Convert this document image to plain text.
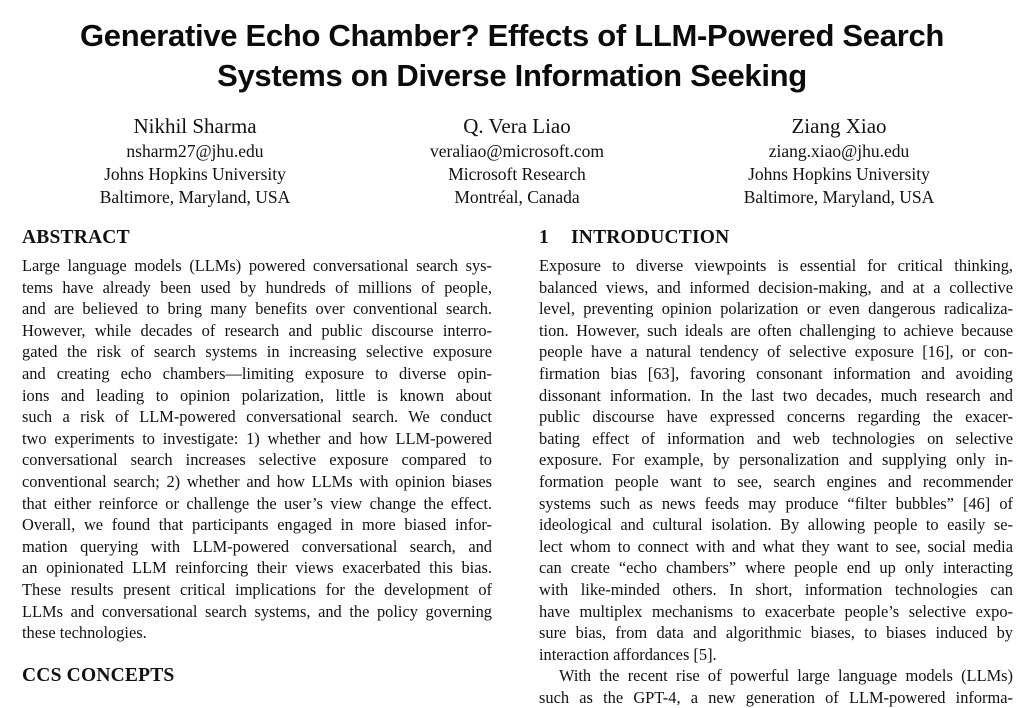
Generative Echo Chamber? Effects of LLM-Powered Search
Systems on Diverse Information Seeking
Nikhil Sharma
nsharm27@jhu.edu
Johns Hopkins University
Baltimore, Maryland, USA
Q. Vera Liao
veraliao@microsoft.com
Microsoft Research
Montréal, Canada
Ziang Xiao
ziang.xiao@jhu.edu
Johns Hopkins University
Baltimore, Maryland, USA
ABSTRACT
Large language models (LLMs) powered conversational search sys-
tems have already been used by hundreds of millions of people,
and are believed to bring many benefits over conventional search.
However, while decades of research and public discourse interro-
gated the risk of search systems in increasing selective exposure
and creating echo chambers—limiting exposure to diverse opin-
ions and leading to opinion polarization, little is known about
such a risk of LLM-powered conversational search. We conduct
two experiments to investigate: 1) whether and how LLM-powered
conversational search increases selective exposure compared to
conventional search; 2) whether and how LLMs with opinion biases
that either reinforce or challenge the user’s view change the effect.
Overall, we found that participants engaged in more biased infor-
mation querying with LLM-powered conversational search, and
an opinionated LLM reinforcing their views exacerbated this bias.
These results present critical implications for the development of
LLMs and conversational search systems, and the policy governing
these technologies.
CCS CONCEPTS
1 INTRODUCTION
Exposure to diverse viewpoints is essential for critical thinking,
balanced views, and informed decision-making, and at a collective
level, preventing opinion polarization or even dangerous radicaliza-
tion. However, such ideals are often challenging to achieve because
people have a natural tendency of selective exposure [16], or con-
firmation bias [63], favoring consonant information and avoiding
dissonant information. In the last two decades, much research and
public discourse have expressed concerns regarding the exacer-
bating effect of information and web technologies on selective
exposure. For example, by personalization and supplying only in-
formation people want to see, search engines and recommender
systems such as news feeds may produce “filter bubbles” [46] of
ideological and cultural isolation. By allowing people to easily se-
lect whom to connect with and what they want to see, social media
can create “echo chambers” where people end up only interacting
with like-minded others. In short, information technologies can
have multiplex mechanisms to exacerbate people’s selective expo-
sure bias, from data and algorithmic biases, to biases induced by
interaction affordances [5].
With the recent rise of powerful large language models (LLMs)
such as the GPT-4, a new generation of LLM-powered informa-
